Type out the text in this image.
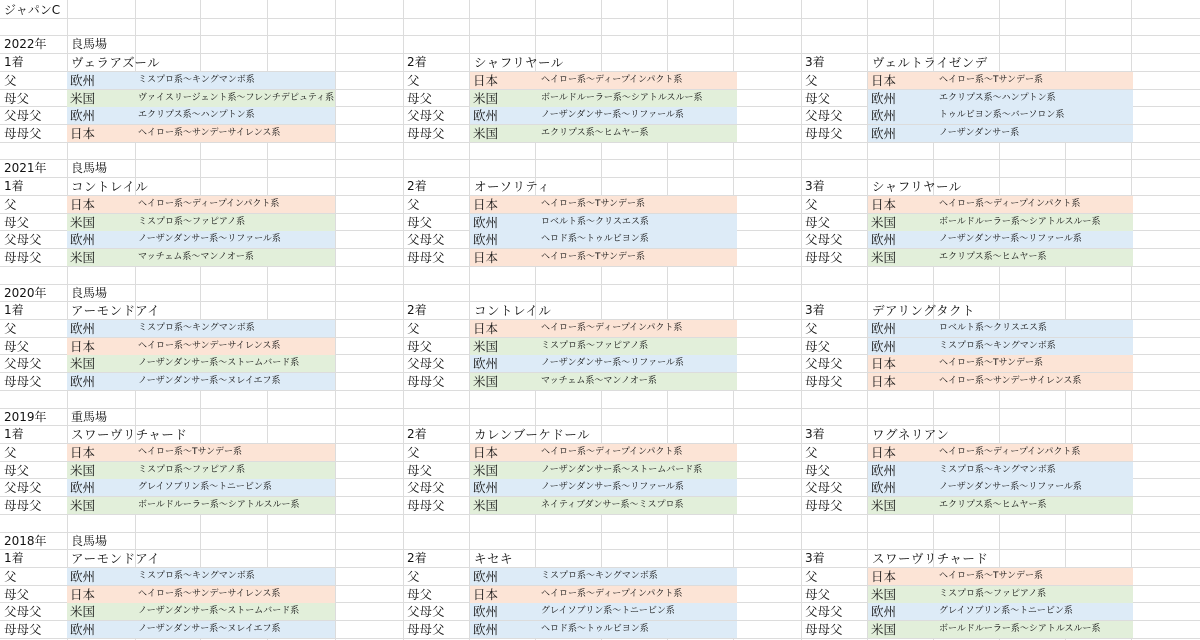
ジャパンC
2022年 良馬場
1着	ヴェラアズール
父	欧州	ミスプロ系～キングマンボ系
母父	米国	ヴァイスリージェント系～フレンチデピュティ系
父母父 欧州	エクリプス系～ハンプトン系
母母父 日本	ヘイロー系～サンデーサイレンス系
2着	シャフリヤール
父	日本	ヘイロー系～ディープインパクト系
母父	米国	ボールドルーラー系～シアトルスルー系
父母父 欧州	ノーザンダンサー系～リファール系
母母父 米国	エクリプス系～ヒムヤー系
3着	ヴェルトライゼンデ
父	日本	ヘイロー系～Tサンデー系
母父	欧州	エクリプス系～ハンプトン系
父母父 欧州	トゥルビヨン系～バーソロン系
母母父 欧州	ノーザンダンサー系
2021年 良馬場
1着	コントレイル
父	日本	ヘイロー系～ディープインパクト系
母父	米国	ミスプロ系～ファピアノ系
父母父 欧州	ノーザンダンサー系～リファール系
母母父 米国	マッチェム系～マンノオー系
2着	オーソリティ
父	日本	ヘイロー系～Tサンデー系
母父	欧州	ロベルト系～クリスエス系
父母父 欧州	ヘロド系～トゥルビヨン系
母母父 日本	ヘイロー系～Tサンデー系
3着	シャフリヤール
父	日本	ヘイロー系～ディープインパクト系
母父	米国	ボールドルーラー系～シアトルスルー系
父母父 欧州	ノーザンダンサー系～リファール系
母母父 米国	エクリプス系～ヒムヤー系
2020年 良馬場
1着	アーモンドアイ
父	欧州	ミスプロ系～キングマンボ系
母父	日本	ヘイロー系～サンデーサイレンス系
父母父 米国	ノーザンダンサー系～ストームバード系
母母父 欧州	ノーザンダンサー系～ヌレイエフ系
2着	コントレイル
父	日本	ヘイロー系～ディープインパクト系
母父	米国	ミスプロ系～ファピアノ系
父母父 欧州	ノーザンダンサー系～リファール系
母母父 米国	マッチェム系～マンノオー系
3着	デアリングタクト
父	欧州	ロベルト系～クリスエス系
母父	欧州	ミスプロ系～キングマンボ系
父母父 日本	ヘイロー系～Tサンデー系
母母父 日本	ヘイロー系～サンデーサイレンス系
2019年 重馬場
1着	スワーヴリチャード
父	日本	ヘイロー系～Tサンデー系
母父	米国	ミスプロ系～ファピアノ系
父母父 欧州	グレイソブリン系～トニービン系
母母父 米国	ボールドルーラー系～シアトルスルー系
2着	カレンブーケドール
父	日本	ヘイロー系～ディープインパクト系
母父	米国	ノーザンダンサー系～ストームバード系
父母父 欧州	ノーザンダンサー系～リファール系
母母父 米国	ネイティブダンサー系～ミスプロ系
3着	ワグネリアン
父	日本	ヘイロー系～ディープインパクト系
母父	欧州	ミスプロ系～キングマンボ系
父母父 欧州	ノーザンダンサー系～リファール系
母母父 米国	エクリプス系～ヒムヤー系
2018年 良馬場
1着	アーモンドアイ
父	欧州	ミスプロ系～キングマンボ系
母父	日本	ヘイロー系～サンデーサイレンス系
父母父 米国	ノーザンダンサー系～ストームバード系
母母父 欧州	ノーザンダンサー系～ヌレイエフ系
2着	キセキ
父	欧州	ミスプロ系～キングマンボ系
母父	日本	ヘイロー系～ディープインパクト系
父母父 欧州	グレイソブリン系～トニービン系
母母父 欧州	ヘロド系～トゥルビヨン系
3着	スワーヴリチャード
父	日本	ヘイロー系～Tサンデー系
母父	米国	ミスプロ系～ファピアノ系
父母父 欧州	グレイソブリン系～トニービン系
母母父 米国	ボールドルーラー系～シアトルスルー系
